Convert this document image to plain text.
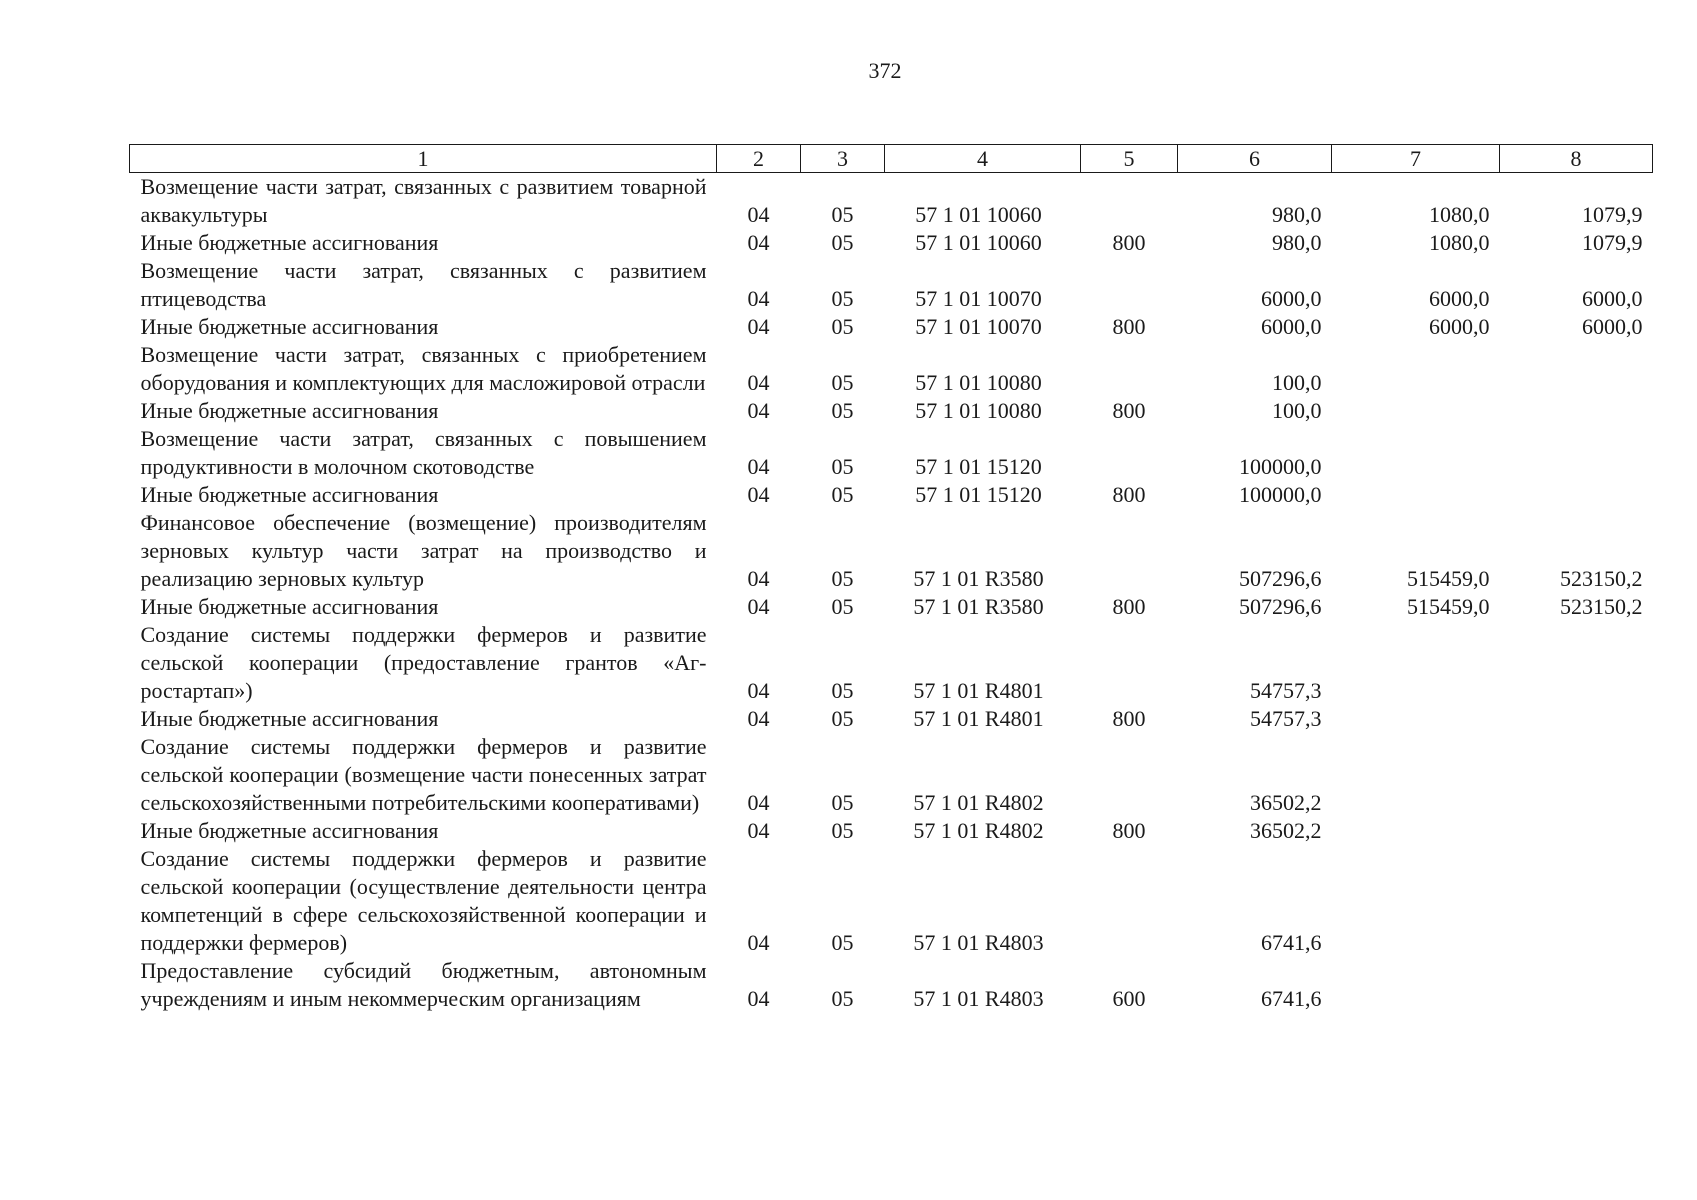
372
1	2	3	4	5	6	7	8
Возмещение части затрат, связанных с развитием товарной аквакультуры	04	05	57 1 01 10060		980,0	1080,0	1079,9
Иные бюджетные ассигнования	04	05	57 1 01 10060	800	980,0	1080,0	1079,9
Возмещение части затрат, связанных с развитием птицеводства	04	05	57 1 01 10070		6000,0	6000,0	6000,0
Иные бюджетные ассигнования	04	05	57 1 01 10070	800	6000,0	6000,0	6000,0
Возмещение части затрат, связанных с приобретением оборудования и комплектующих для масложировой отрасли	04	05	57 1 01 10080		100,0		
Иные бюджетные ассигнования	04	05	57 1 01 10080	800	100,0		
Возмещение части затрат, связанных с повышением продуктивности в молочном скотоводстве	04	05	57 1 01 15120		100000,0		
Иные бюджетные ассигнования	04	05	57 1 01 15120	800	100000,0		
Финансовое обеспечение (возмещение) производителям зерновых культур части затрат на производство и реализацию зерновых культур	04	05	57 1 01 R3580		507296,6	515459,0	523150,2
Иные бюджетные ассигнования	04	05	57 1 01 R3580	800	507296,6	515459,0	523150,2
Создание системы поддержки фермеров и развитие сельской кооперации (предоставление грантов «Агростартап»)	04	05	57 1 01 R4801		54757,3		
Иные бюджетные ассигнования	04	05	57 1 01 R4801	800	54757,3		
Создание системы поддержки фермеров и развитие сельской кооперации (возмещение части понесенных затрат сельскохозяйственными потребительскими кооперативами)	04	05	57 1 01 R4802		36502,2		
Иные бюджетные ассигнования	04	05	57 1 01 R4802	800	36502,2		
Создание системы поддержки фермеров и развитие сельской кооперации (осуществление деятельности центра компетенций в сфере сельскохозяйственной кооперации и поддержки фермеров)	04	05	57 1 01 R4803		6741,6		
Предоставление субсидий бюджетным, автономным учреждениям и иным некоммерческим организациям	04	05	57 1 01 R4803	600	6741,6		
